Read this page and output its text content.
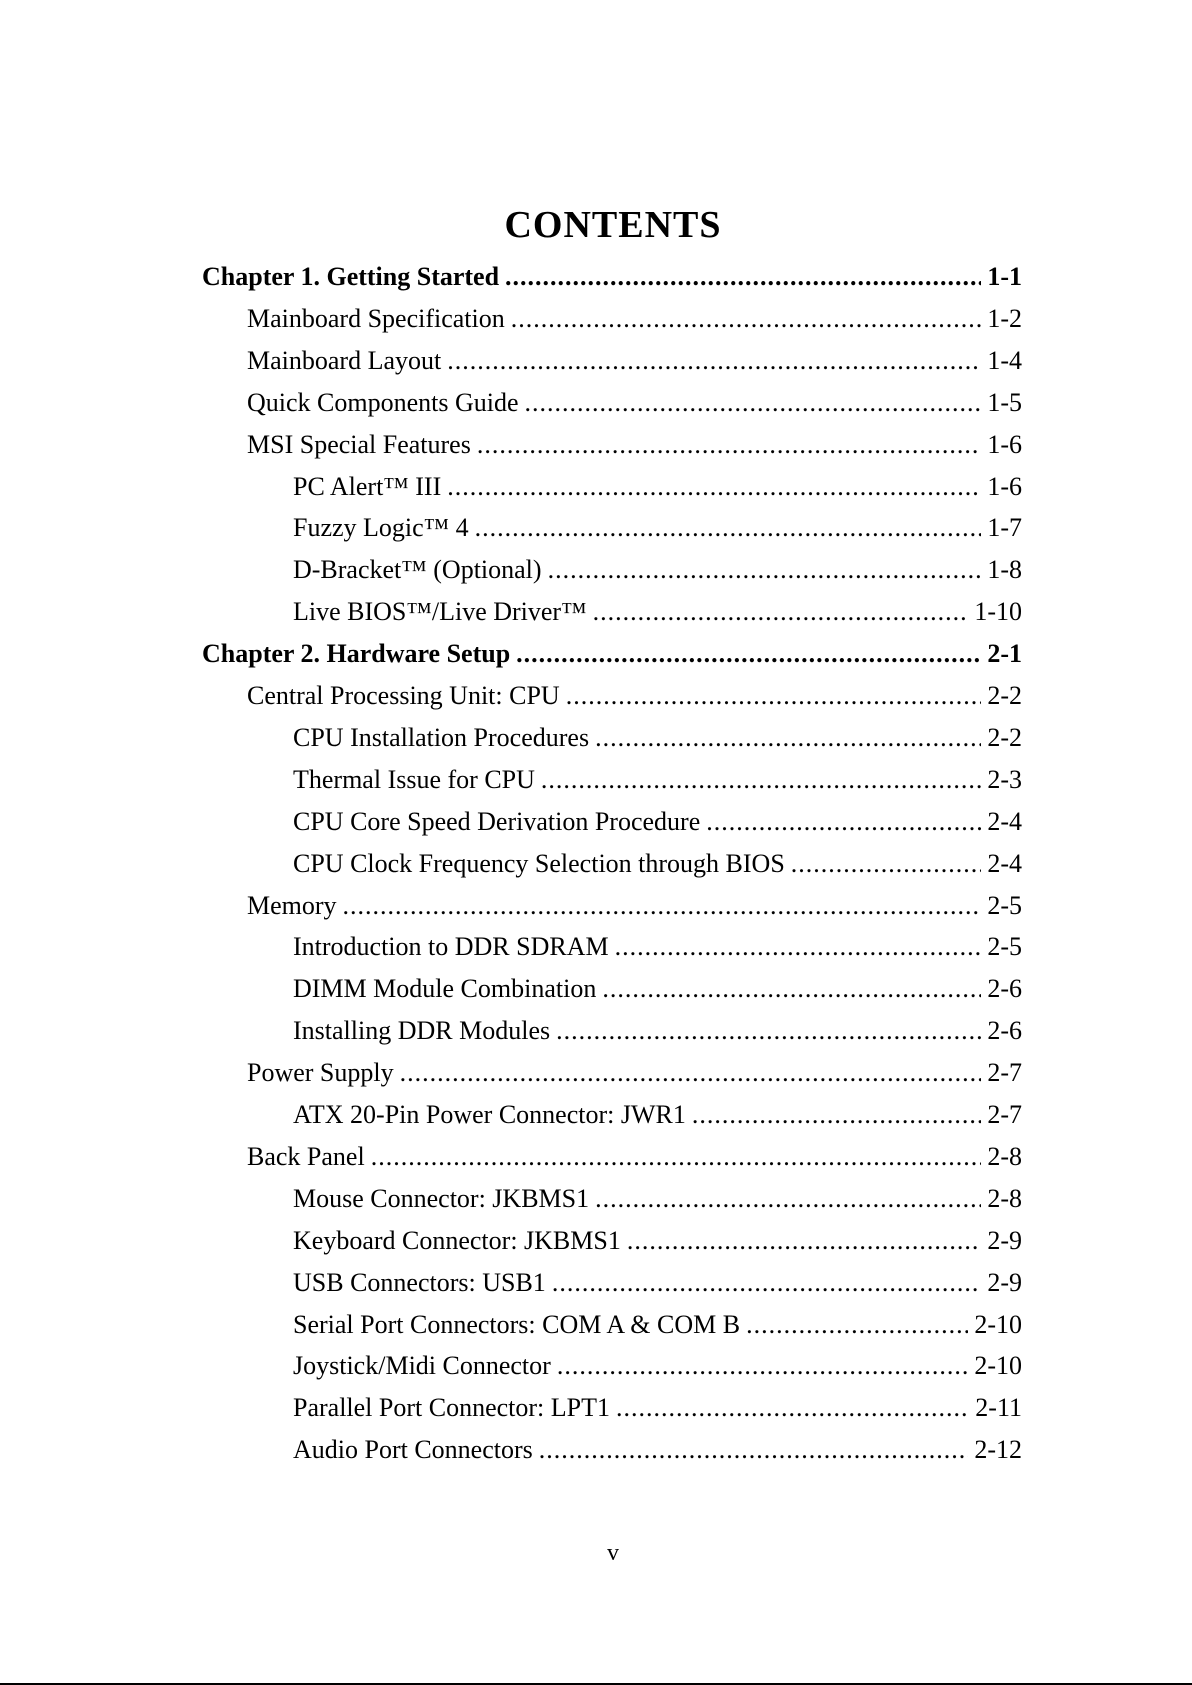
CONTENTS
Chapter 1. Getting Started .....	1-1
Mainboard Specification .....	1-2
Mainboard Layout .....	1-4
Quick Components Guide .....	1-5
MSI Special Features .....	1-6
PC Alert™ III .....	1-6
Fuzzy Logic™ 4 .....	1-7
D-Bracket™ (Optional) .....	1-8
Live BIOS™/Live Driver™ .....	1-10
Chapter 2. Hardware Setup .....	2-1
Central Processing Unit: CPU .....	2-2
CPU Installation Procedures .....	2-2
Thermal Issue for CPU .....	2-3
CPU Core Speed Derivation Procedure .....	2-4
CPU Clock Frequency Selection through BIOS .....	2-4
Memory .....	2-5
Introduction to DDR SDRAM .....	2-5
DIMM Module Combination .....	2-6
Installing DDR Modules .....	2-6
Power Supply .....	2-7
ATX 20-Pin Power Connector: JWR1 .....	2-7
Back Panel .....	2-8
Mouse Connector: JKBMS1 .....	2-8
Keyboard Connector: JKBMS1 .....	2-9
USB Connectors: USB1 .....	2-9
Serial Port Connectors: COM A & COM B .....	2-10
Joystick/Midi Connector .....	2-10
Parallel Port Connector: LPT1 .....	2-11
Audio Port Connectors .....	2-12
v
